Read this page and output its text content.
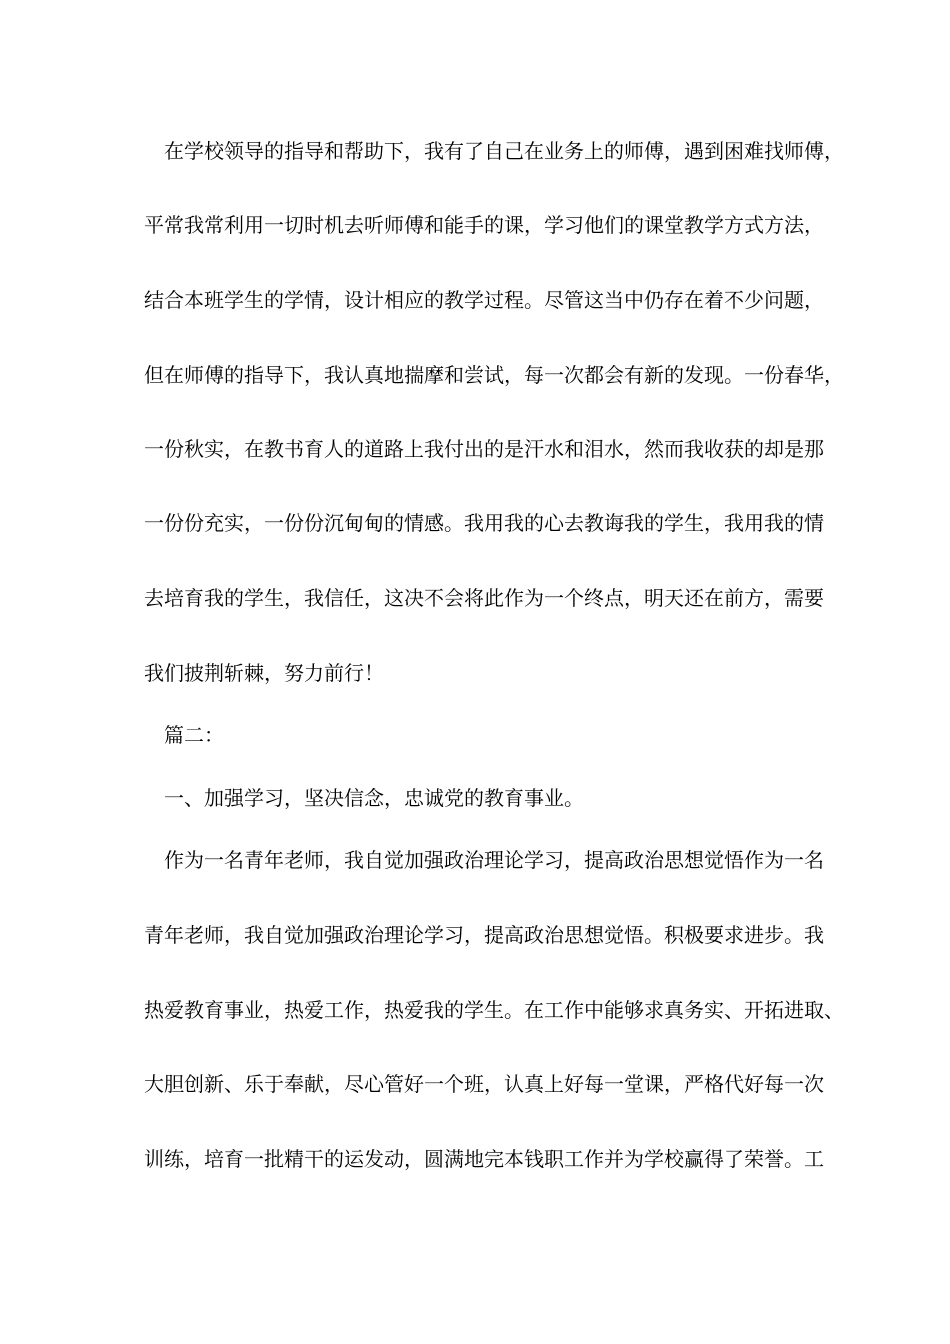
在学校领导的指导和帮助下，我有了自己在业务上的师傅，遇到困难找师傅，
平常我常利用一切时机去听师傅和能手的课，学习他们的课堂教学方式方法，
结合本班学生的学情，设计相应的教学过程。尽管这当中仍存在着不少问题，
但在师傅的指导下，我认真地揣摩和尝试，每一次都会有新的发现。一份春华，
一份秋实，在教书育人的道路上我付出的是汗水和泪水，然而我收获的却是那
一份份充实，一份份沉甸甸的情感。我用我的心去教诲我的学生，我用我的情
去培育我的学生，我信任，这决不会将此作为一个终点，明天还在前方，需要
我们披荆斩棘，努力前行！
篇二：
一、加强学习，坚决信念，忠诚党的教育事业。
作为一名青年老师，我自觉加强政治理论学习，提高政治思想觉悟作为一名
青年老师，我自觉加强政治理论学习，提高政治思想觉悟。积极要求进步。我
热爱教育事业，热爱工作，热爱我的学生。在工作中能够求真务实、开拓进取、
大胆创新、乐于奉献，尽心管好一个班，认真上好每一堂课，严格代好每一次
训练，培育一批精干的运发动，圆满地完本钱职工作并为学校赢得了荣誉。工
